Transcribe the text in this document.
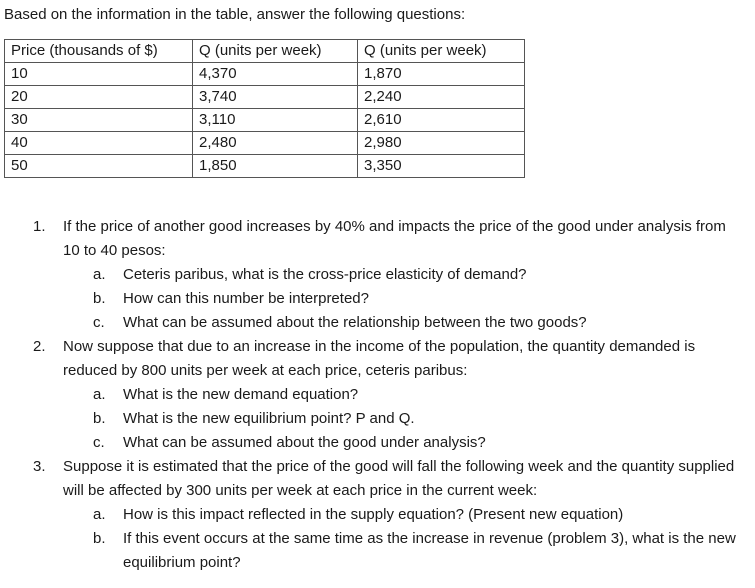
Based on the information in the table, answer the following questions:

Price (thousands of $)	Q (units per week)	Q (units per week)
10	4,370	1,870
20	3,740	2,240
30	3,110	2,610
40	2,480	2,980
50	1,850	3,350
1. If the price of another good increases by 40% and impacts the price of the good under analysis from 10 to 40 pesos:
a. Ceteris paribus, what is the cross-price elasticity of demand?
b. How can this number be interpreted?
c. What can be assumed about the relationship between the two goods?
2. Now suppose that due to an increase in the income of the population, the quantity demanded is reduced by 800 units per week at each price, ceteris paribus:
a. What is the new demand equation?
b. What is the new equilibrium point? P and Q.
c. What can be assumed about the good under analysis?
3. Suppose it is estimated that the price of the good will fall the following week and the quantity supplied will be affected by 300 units per week at each price in the current week:
a. How is this impact reflected in the supply equation? (Present new equation)
b. If this event occurs at the same time as the increase in revenue (problem 3), what is the new equilibrium point?
